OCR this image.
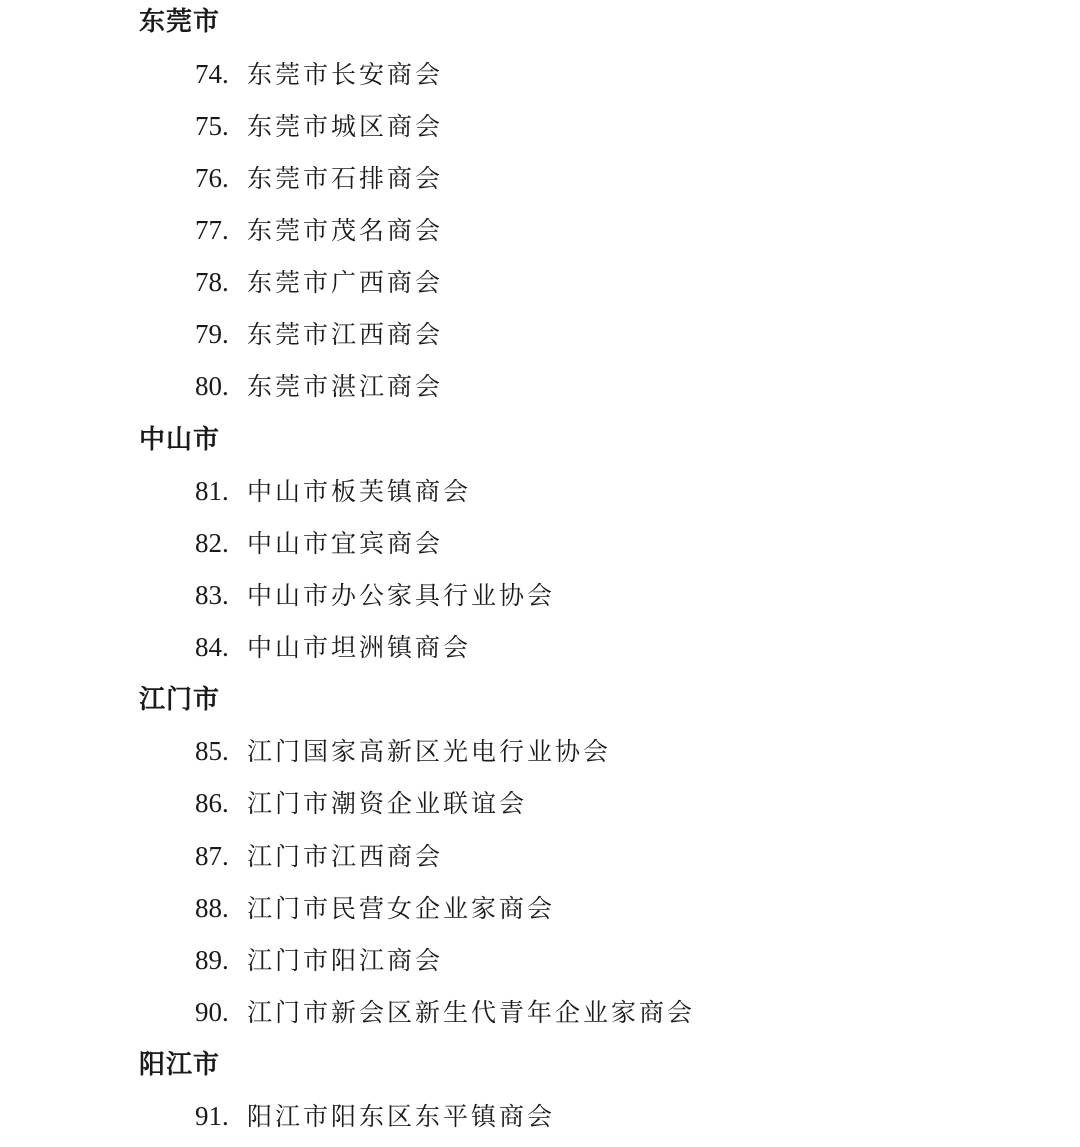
东莞市
74. 东莞市长安商会
75. 东莞市城区商会
76. 东莞市石排商会
77. 东莞市茂名商会
78. 东莞市广西商会
79. 东莞市江西商会
80. 东莞市湛江商会
中山市
81. 中山市板芙镇商会
82. 中山市宜宾商会
83. 中山市办公家具行业协会
84. 中山市坦洲镇商会
江门市
85. 江门国家高新区光电行业协会
86. 江门市潮资企业联谊会
87. 江门市江西商会
88. 江门市民营女企业家商会
89. 江门市阳江商会
90. 江门市新会区新生代青年企业家商会
阳江市
91. 阳江市阳东区东平镇商会
